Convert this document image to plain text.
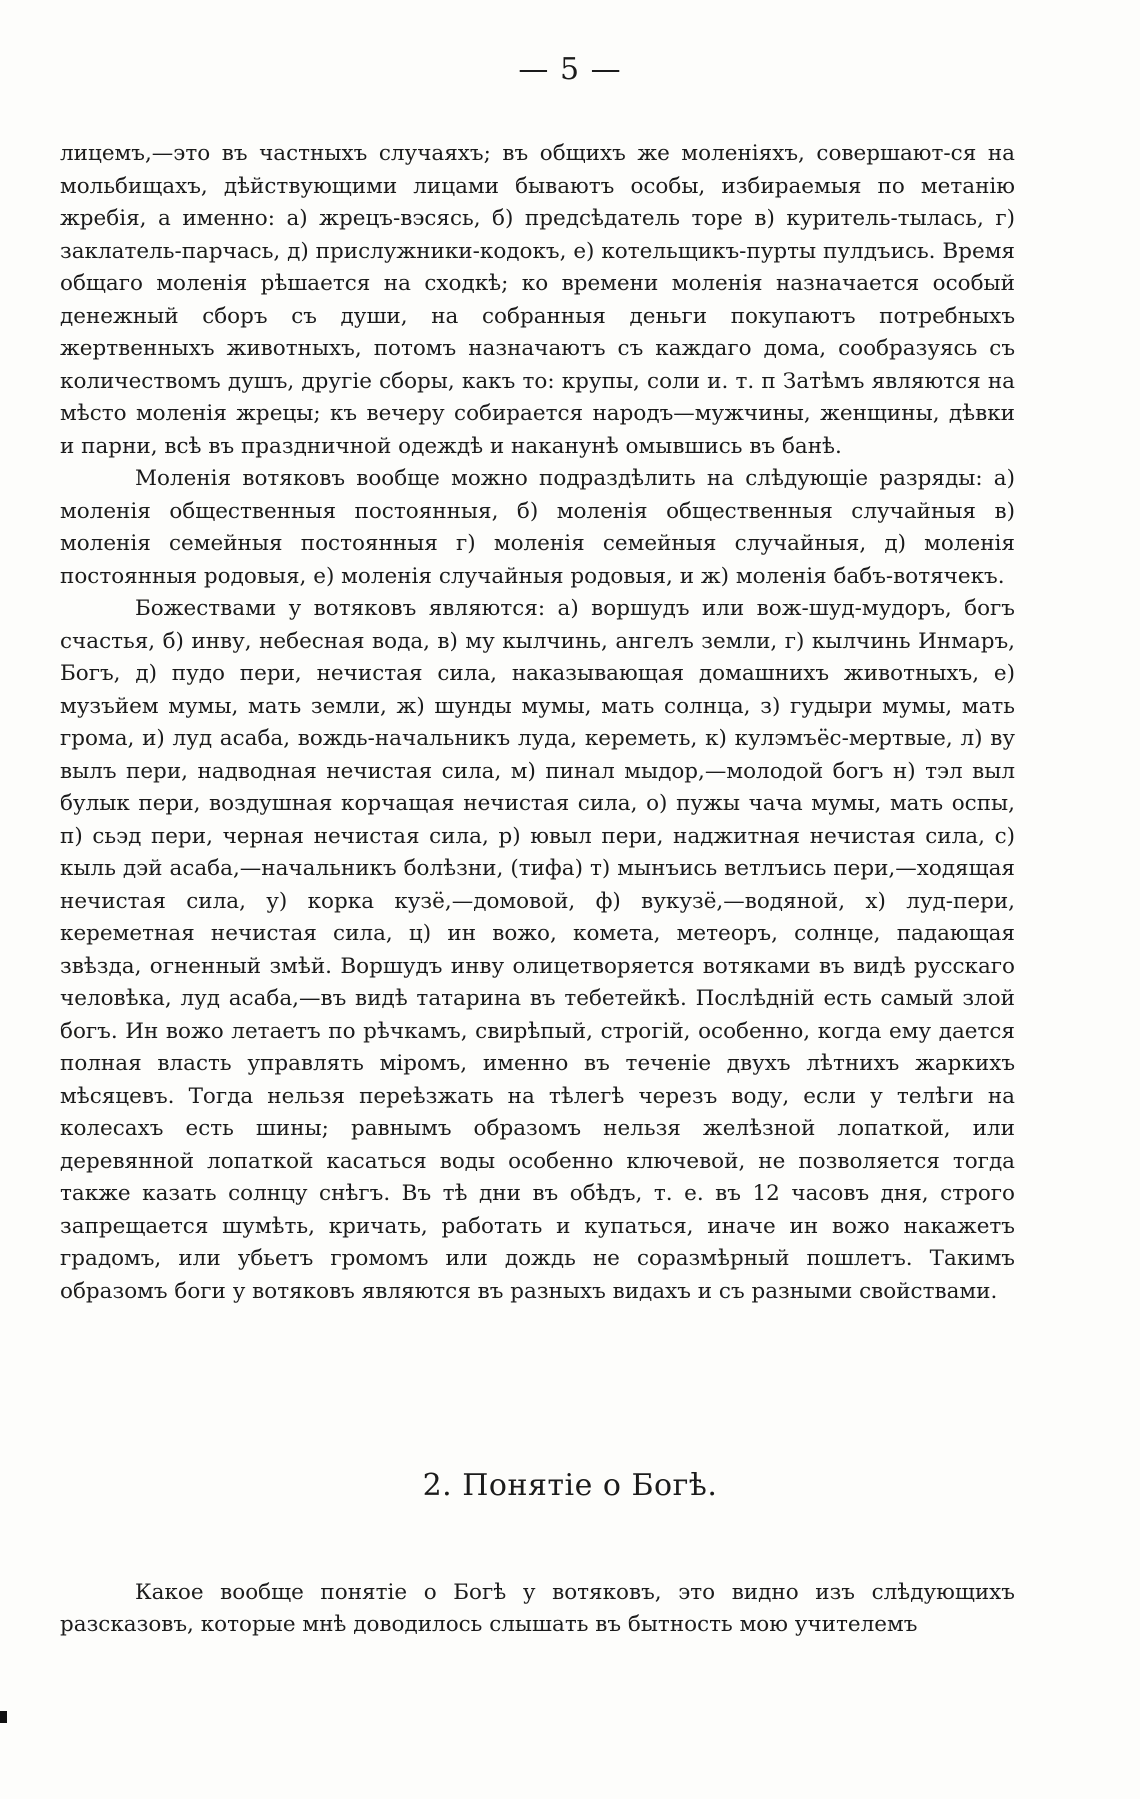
— 5 —

лицемъ,—это въ частныхъ случаяхъ; въ общихъ же моленіяхъ, совершают-ся на мольбищахъ, дѣйствующими лицами бываютъ особы, избираемыя по метанію жребія, а именно: а) жрецъ-вэсясь, б) предсѣдатель торе в) куритель-тылась, г) заклатель-парчась, д) прислужники-кодокъ, е) котельщикъ-пурты пулдъись. Время общаго моленія рѣшается на сходкѣ; ко времени моленія назначается особый денежный сборъ съ души, на собранныя деньги покупаютъ потребныхъ жертвенныхъ животныхъ, потомъ назначаютъ съ каждаго дома, сообразуясь съ количествомъ душъ, другіе сборы, какъ то: крупы, соли и. т. п Затѣмъ являются на мѣсто моленія жрецы; къ вечеру собирается народъ—мужчины, женщины, дѣвки и парни, всѣ въ праздничной одеждѣ и наканунѣ омывшись въ банѣ.

Моленія вотяковъ вообще можно подраздѣлить на слѣдующіе разряды: а) моленія общественныя постоянныя, б) моленія общественныя случайныя в) моленія семейныя постоянныя г) моленія семейныя случайныя, д) моленія постоянныя родовыя, е) моленія случайныя родовыя, и ж) моленія бабъ-вотячекъ.

Божествами у вотяковъ являются: а) воршудъ или вож-шуд-мудоръ, богъ счастья, б) инву, небесная вода, в) му кылчинь, ангелъ земли, г) кылчинь Инмаръ, Богъ, д) пудо пери, нечистая сила, наказывающая домашнихъ животныхъ, е) музъйем мумы, мать земли, ж) шунды мумы, мать солнца, з) гудыри мумы, мать грома, и) луд асаба, вождь-начальникъ луда, кереметь, к) кулэмъёс-мертвые, л) ву вылъ пери, надводная нечистая сила, м) пинал мыдор,—молодой богъ н) тэл выл булык пери, воздушная корчащая нечистая сила, о) пужы чача мумы, мать оспы, п) сьэд пери, черная нечистая сила, р) ювыл пери, наджитная нечистая сила, с) кыль дэй асаба,—начальникъ болѣзни, (тифа) т) мынъись ветлъись пери,—ходящая нечистая сила, у) корка кузё,—домовой, ф) вукузё,—водяной, х) луд-пери, кереметная нечистая сила, ц) ин вожо, комета, метеоръ, солнце, падающая звѣзда, огненный змѣй. Воршудъ инву олицетворяется вотяками въ видѣ русскаго человѣка, луд асаба,—въ видѣ татарина въ тебетейкѣ. Послѣдній есть самый злой богъ. Ин вожо летаетъ по рѣчкамъ, свирѣпый, строгій, особенно, когда ему дается полная власть управлять міромъ, именно въ теченіе двухъ лѣтнихъ жаркихъ мѣсяцевъ. Тогда нельзя переѣзжать на тѣлегѣ черезъ воду, если у телѣги на колесахъ есть шины; равнымъ образомъ нельзя желѣзной лопаткой, или деревянной лопаткой касаться воды особенно ключевой, не позволяется тогда также казать солнцу снѣгъ. Въ тѣ дни въ обѣдъ, т. е. въ 12 часовъ дня, строго запрещается шумѣть, кричать, работать и купаться, иначе ин вожо накажетъ градомъ, или убьетъ громомъ или дождь не соразмѣрный пошлетъ. Такимъ образомъ боги у вотяковъ являются въ разныхъ видахъ и съ разными свойствами.

2. Понятіе о Богѣ.

Какое вообще понятіе о Богѣ у вотяковъ, это видно изъ слѣдующихъ разсказовъ, которые мнѣ доводилось слышать въ бытность мою учителемъ
